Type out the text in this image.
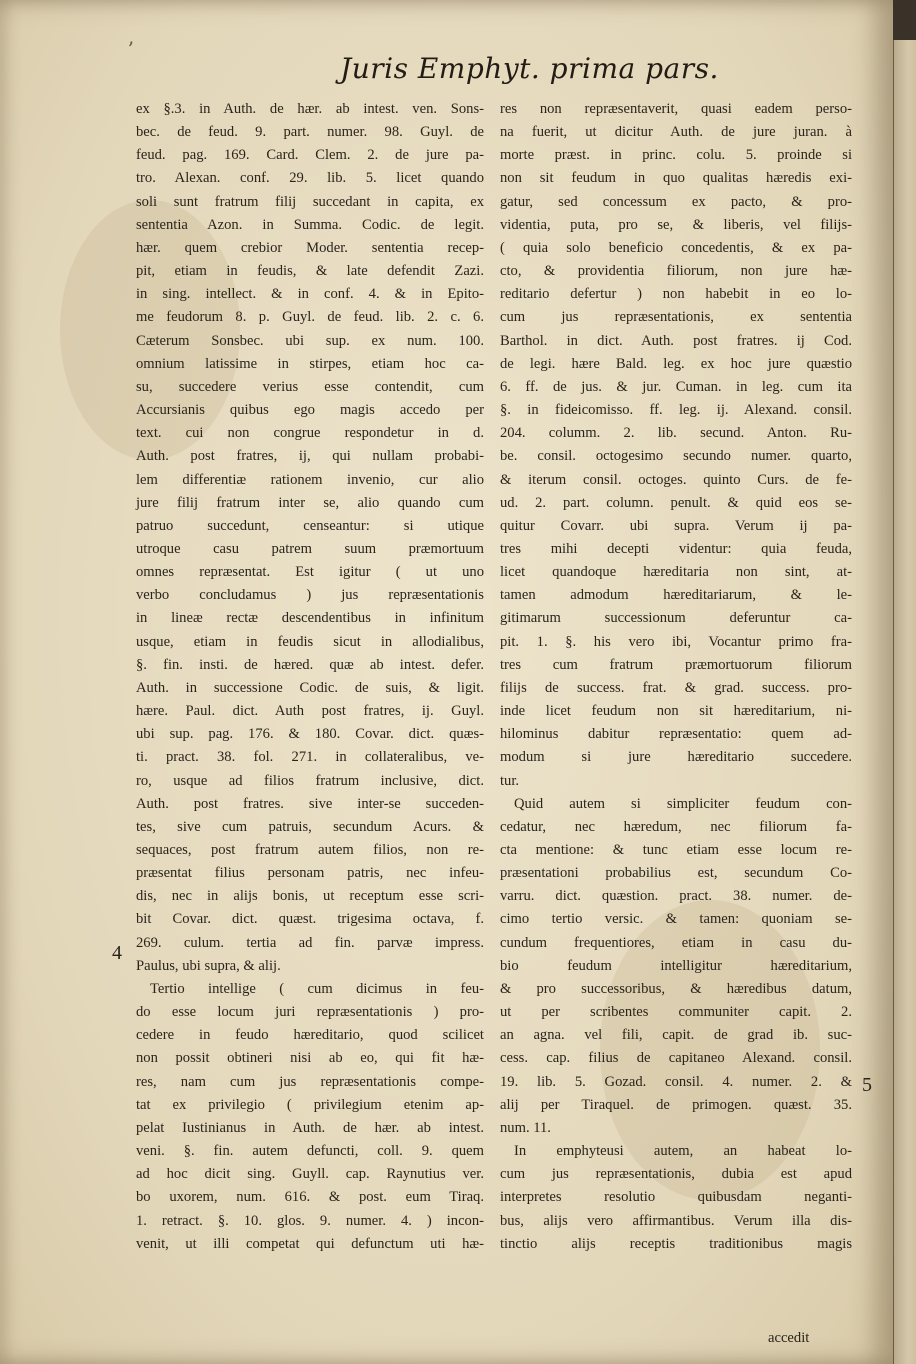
ʼ
Juris Emphyt. prima pars.
ex §.3. in Auth. de hær. ab intest. ven. Sons-
bec. de feud. 9. part. numer. 98. Guyl. de
feud. pag. 169. Card. Clem. 2. de jure pa-
tro. Alexan. conf. 29. lib. 5. licet quando
soli sunt fratrum filij succedant in capita, ex
sententia Azon. in Summa. Codic. de legit.
hær. quem crebior Moder. sententia recep-
pit, etiam in feudis, & late defendit Zazi.
in sing. intellect. & in conf. 4. & in Epito-
me feudorum 8. p. Guyl. de feud. lib. 2. c. 6.
Cæterum Sonsbec. ubi sup. ex num. 100.
omnium latissime in stirpes, etiam hoc ca-
su, succedere verius esse contendit, cum
Accursianis quibus ego magis accedo per
text. cui non congrue respondetur in d.
Auth. post fratres, ij, qui nullam probabi-
lem differentiæ rationem invenio, cur alio
jure filij fratrum inter se, alio quando cum
patruo succedunt, censeantur: si utique
utroque casu patrem suum præmortuum
omnes repræsentat. Est igitur ( ut uno
verbo concludamus ) jus repræsentationis
in lineæ rectæ descendentibus in infinitum
usque, etiam in feudis sicut in allodialibus,
§. fin. insti. de hæred. quæ ab intest. defer.
Auth. in successione Codic. de suis, & ligit.
hære. Paul. dict. Auth post fratres, ij. Guyl.
ubi sup. pag. 176. & 180. Covar. dict. quæs-
ti. pract. 38. fol. 271. in collateralibus, ve-
ro, usque ad filios fratrum inclusive, dict.
Auth. post fratres. sive inter-se succeden-
tes, sive cum patruis, secundum Acurs. &
sequaces, post fratrum autem filios, non re-
præsentat filius personam patris, nec infeu-
dis, nec in alijs bonis, ut receptum esse scri-
bit Covar. dict. quæst. trigesima octava, f.
269. culum. tertia ad fin. parvæ impress.
Paulus, ubi supra, & alij.
Tertio intellige ( cum dicimus in feu-
do esse locum juri repræsentationis ) pro-
cedere in feudo hæreditario, quod scilicet
non possit obtineri nisi ab eo, qui fit hæ-
res, nam cum jus repræsentationis compe-
tat ex privilegio ( privilegium etenim ap-
pelat Iustinianus in Auth. de hær. ab intest.
veni. §. fin. autem defuncti, coll. 9. quem
ad hoc dicit sing. Guyll. cap. Raynutius ver.
bo uxorem, num. 616. & post. eum Tiraq.
1. retract. §. 10. glos. 9. numer. 4. ) incon-
venit, ut illi competat qui defunctum uti hæ-
res non repræsentaverit, quasi eadem perso-
na fuerit, ut dicitur Auth. de jure juran. à
morte præst. in princ. colu. 5. proinde si
non sit feudum in quo qualitas hæredis exi-
gatur, sed concessum ex pacto, & pro-
videntia, puta, pro se, & liberis, vel filijs-
( quia solo beneficio concedentis, & ex pa-
cto, & providentia filiorum, non jure hæ-
reditario defertur ) non habebit in eo lo-
cum jus repræsentationis, ex sententia
Barthol. in dict. Auth. post fratres. ij Cod.
de legi. hære Bald. leg. ex hoc jure quæstio
6. ff. de jus. & jur. Cuman. in leg. cum ita
§. in fideicomisso. ff. leg. ij. Alexand. consil.
204. columm. 2. lib. secund. Anton. Ru-
be. consil. octogesimo secundo numer. quarto,
& iterum consil. octoges. quinto Curs. de fe-
ud. 2. part. column. penult. & quid eos se-
quitur Covarr. ubi supra. Verum ij pa-
tres mihi decepti videntur: quia feuda,
licet quandoque hæreditaria non sint, at-
tamen admodum hæreditariarum, & le-
gitimarum successionum deferuntur ca-
pit. 1. §. his vero ibi, Vocantur primo fra-
tres cum fratrum præmortuorum filiorum
filijs de success. frat. & grad. success. pro-
inde licet feudum non sit hæreditarium, ni-
hilominus dabitur repræsentatio: quem ad-
modum si jure hæreditario succedere.
tur.
Quid autem si simpliciter feudum con-
cedatur, nec hæredum, nec filiorum fa-
cta mentione: & tunc etiam esse locum re-
præsentationi probabilius est, secundum Co-
varru. dict. quæstion. pract. 38. numer. de-
cimo tertio versic. & tamen: quoniam se-
cundum frequentiores, etiam in casu du-
bio feudum intelligitur hæreditarium,
& pro successoribus, & hæredibus datum,
ut per scribentes communiter capit. 2.
an agna. vel fili, capit. de grad ib. suc-
cess. cap. filius de capitaneo Alexand. consil.
19. lib. 5. Gozad. consil. 4. numer. 2. &
alij per Tiraquel. de primogen. quæst. 35.
num. 11.
In emphyteusi autem, an habeat lo-
cum jus repræsentationis, dubia est apud
interpretes resolutio quibusdam neganti-
bus, alijs vero affirmantibus. Verum illa dis-
tinctio alijs receptis traditionibus magis
4
5
accedit
